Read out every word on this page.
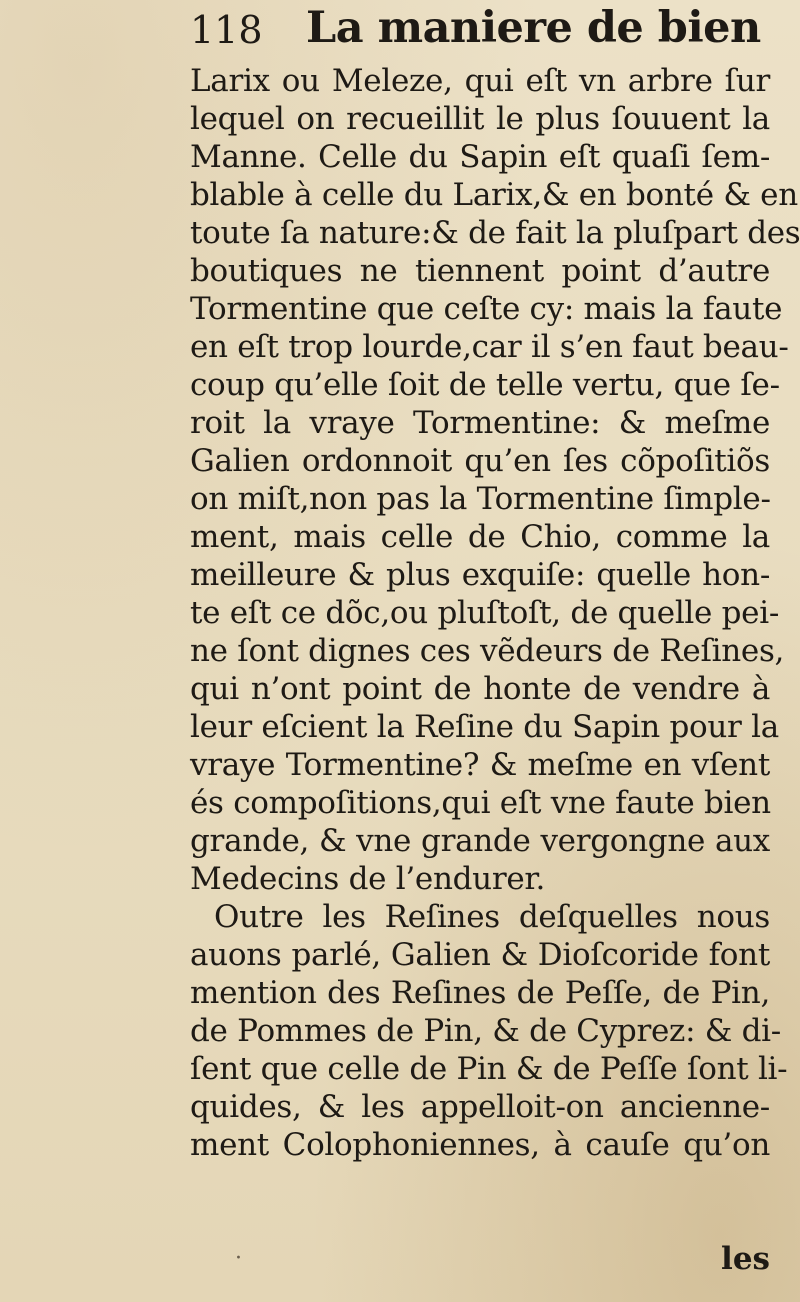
118 La maniere de bien
Larix ou Meleze, qui eſt vn arbre ſur
lequel on recueillit le plus ſouuent la
Manne. Celle du Sapin eſt quaſi ſem-
blable à celle du Larix,& en bonté & en
toute ſa nature:& de fait la pluſpart des
boutiques ne tiennent point d’autre
Tormentine que ceſte cy: mais la faute
en eſt trop lourde,car il s’en faut beau-
coup qu’elle ſoit de telle vertu, que ſe-
roit la vraye Tormentine: & meſme
Galien ordonnoit qu’en ſes cõpoſitiõs
on miſt,non pas la Tormentine ſimple-
ment, mais celle de Chio, comme la
meilleure & plus exquiſe: quelle hon-
te eſt ce dõc,ou pluſtoſt, de quelle pei-
ne ſont dignes ces vẽdeurs de Reſines,
qui n’ont point de honte de vendre à
leur eſcient la Reſine du Sapin pour la
vraye Tormentine? & meſme en vſent
és compoſitions,qui eſt vne faute bien
grande, & vne grande vergongne aux
Medecins de l’endurer.
Outre les Reſines deſquelles nous
auons parlé, Galien & Dioſcoride font
mention des Reſines de Peſſe, de Pin,
de Pommes de Pin, & de Cyprez: & di-
ſent que celle de Pin & de Peſſe ſont li-
quides, & les appelloit-on ancienne-
ment Colophoniennes, à cauſe qu’on
·	les
